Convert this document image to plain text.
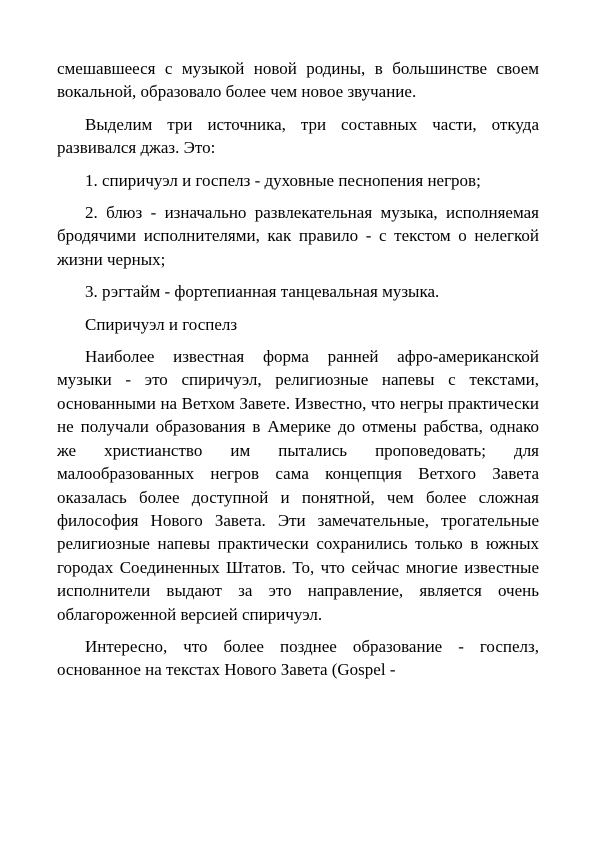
смешавшееся с музыкой новой родины, в большинстве своем вокальной, образовало более чем новое звучание.

Выделим три источника, три составных части, откуда развивался джаз. Это:

1. спиричуэл и госпелз - духовные песнопения негров;

2. блюз - изначально развлекательная музыка, исполняемая бродячими исполнителями, как правило - с текстом о нелегкой жизни черных;

3. рэгтайм - фортепианная танцевальная музыка.

Спиричуэл и госпелз

Наиболее известная форма ранней афро-американской музыки - это спиричуэл, религиозные напевы с текстами, основанными на Ветхом Завете. Известно, что негры практически не получали образования в Америке до отмены рабства, однако же христианство им пытались проповедовать; для малообразованных негров сама концепция Ветхого Завета оказалась более доступной и понятной, чем более сложная философия Нового Завета. Эти замечательные, трогательные религиозные напевы практически сохранились только в южных городах Соединенных Штатов. То, что сейчас многие известные исполнители выдают за это направление, является очень облагороженной версией спиричуэл.

Интересно, что более позднее образование - госпелз, основанное на текстах Нового Завета (Gospel -
